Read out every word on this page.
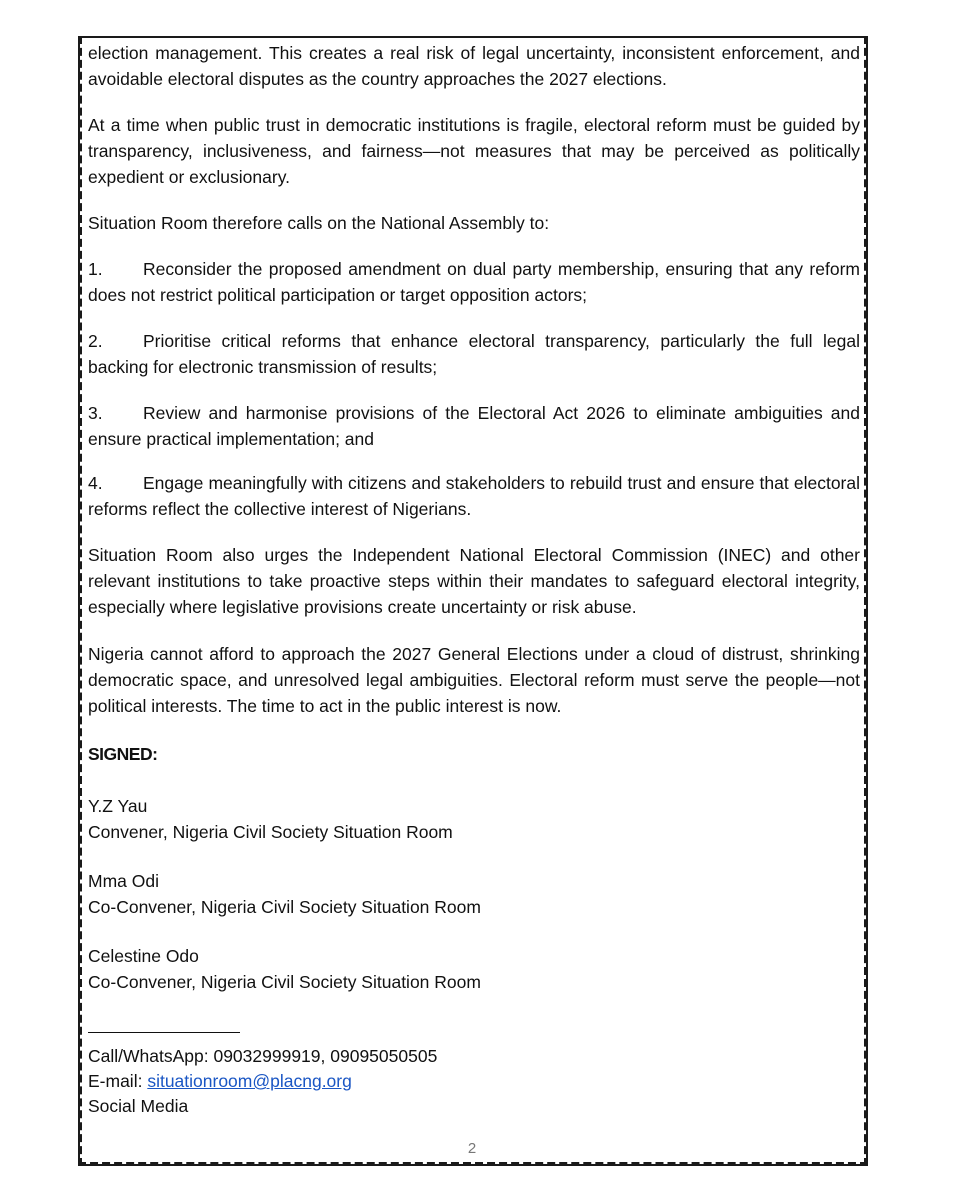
election management. This creates a real risk of legal uncertainty, inconsistent enforcement, and avoidable electoral disputes as the country approaches the 2027 elections.

At a time when public trust in democratic institutions is fragile, electoral reform must be guided by transparency, inclusiveness, and fairness—not measures that may be perceived as politically expedient or exclusionary.

Situation Room therefore calls on the National Assembly to:

1. Reconsider the proposed amendment on dual party membership, ensuring that any reform does not restrict political participation or target opposition actors;
2. Prioritise critical reforms that enhance electoral transparency, particularly the full legal backing for electronic transmission of results;
3. Review and harmonise provisions of the Electoral Act 2026 to eliminate ambiguities and ensure practical implementation; and
4. Engage meaningfully with citizens and stakeholders to rebuild trust and ensure that electoral reforms reflect the collective interest of Nigerians.

Situation Room also urges the Independent National Electoral Commission (INEC) and other relevant institutions to take proactive steps within their mandates to safeguard electoral integrity, especially where legislative provisions create uncertainty or risk abuse.

Nigeria cannot afford to approach the 2027 General Elections under a cloud of distrust, shrinking democratic space, and unresolved legal ambiguities. Electoral reform must serve the people—not political interests. The time to act in the public interest is now.

SIGNED:
Y.Z Yau
Convener, Nigeria Civil Society Situation Room
Mma Odi
Co-Convener, Nigeria Civil Society Situation Room
Celestine Odo
Co-Convener, Nigeria Civil Society Situation Room
Call/WhatsApp: 09032999919, 09095050505
E-mail: situationroom@placng.org
Social Media
2
